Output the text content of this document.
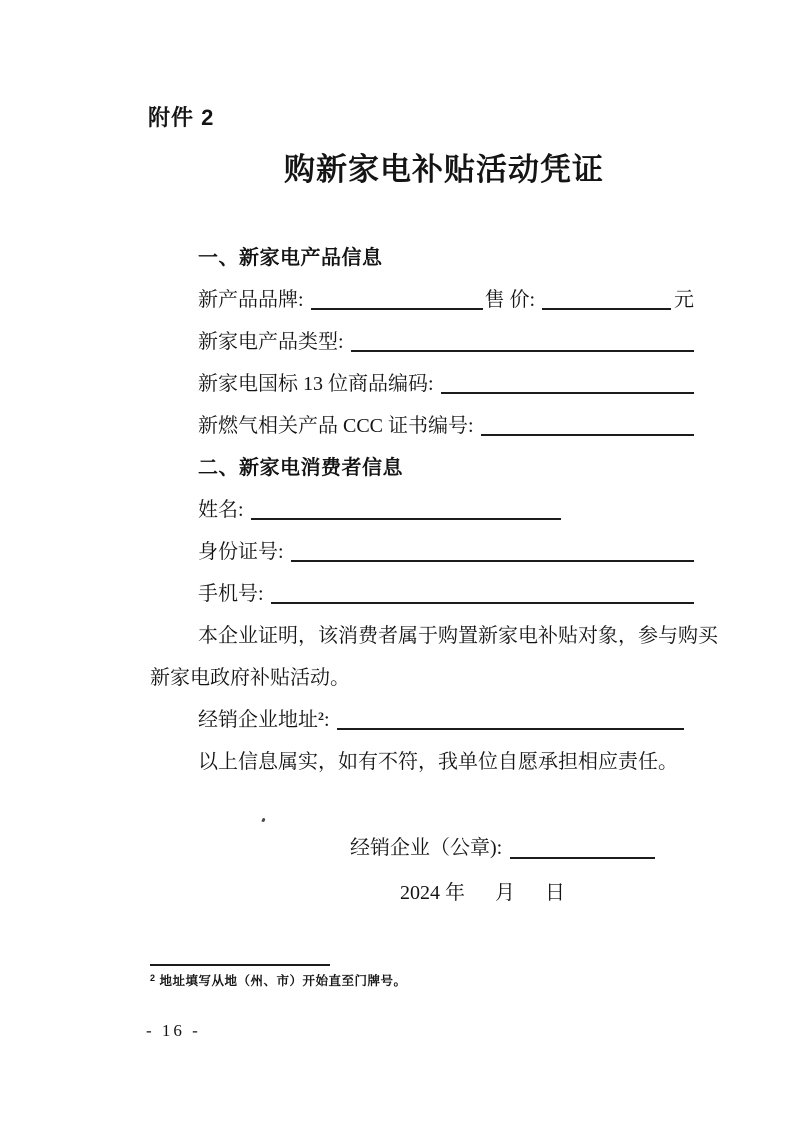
附件 2
购新家电补贴活动凭证
一、新家电产品信息
新产品品牌:	售 价:	元
新家电产品类型:
新家电国标 13 位商品编码:
新燃气相关产品 CCC 证书编号:
二、新家电消费者信息
姓名:
身份证号:
手机号:
本企业证明，该消费者属于购置新家电补贴对象，参与购买
新家电政府补贴活动。
经销企业地址$^2$:
以上信息属实，如有不符，我单位自愿承担相应责任。
经销企业（公章):
2024 年 月 日
$^2$ 地址填写从地（州、市）开始直至门牌号。
- 16 -
